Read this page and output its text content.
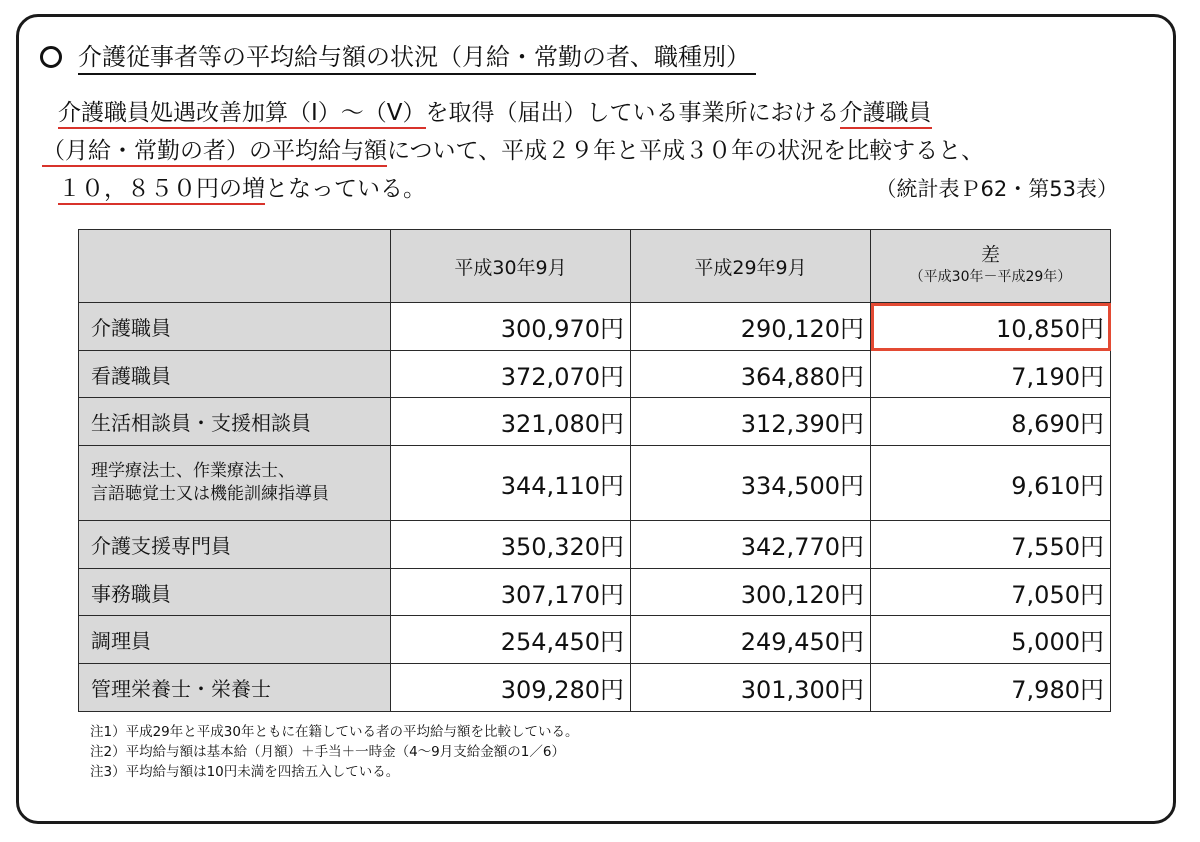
介護従事者等の平均給与額の状況（月給・常勤の者、職種別）
介護職員処遇改善加算（Ⅰ）～（Ⅴ）を取得（届出）している事業所における介護職員
（月給・常勤の者）の平均給与額について、平成２９年と平成３０年の状況を比較すると、
１０，８５０円の増となっている。	（統計表Ｐ62・第53表）
	平成30年9月	平成29年9月	差
（平成30年－平成29年）

介護職員	300,970円	290,120円	10,850円
看護職員	372,070円	364,880円	7,190円
生活相談員・支援相談員	321,080円	312,390円	8,690円

理学療法士、作業療法士、
言語聴覚士又は機能訓練指導員	344,110円	334,500円	9,610円
介護支援専門員	350,320円	342,770円	7,550円
事務職員	307,170円	300,120円	7,050円
調理員	254,450円	249,450円	5,000円
管理栄養士・栄養士	309,280円	301,300円	7,980円
注1）平成29年と平成30年ともに在籍している者の平均給与額を比較している。
注2）平均給与額は基本給（月額）＋手当＋一時金（4～9月支給金額の1／6）
注3）平均給与額は10円未満を四捨五入している。
